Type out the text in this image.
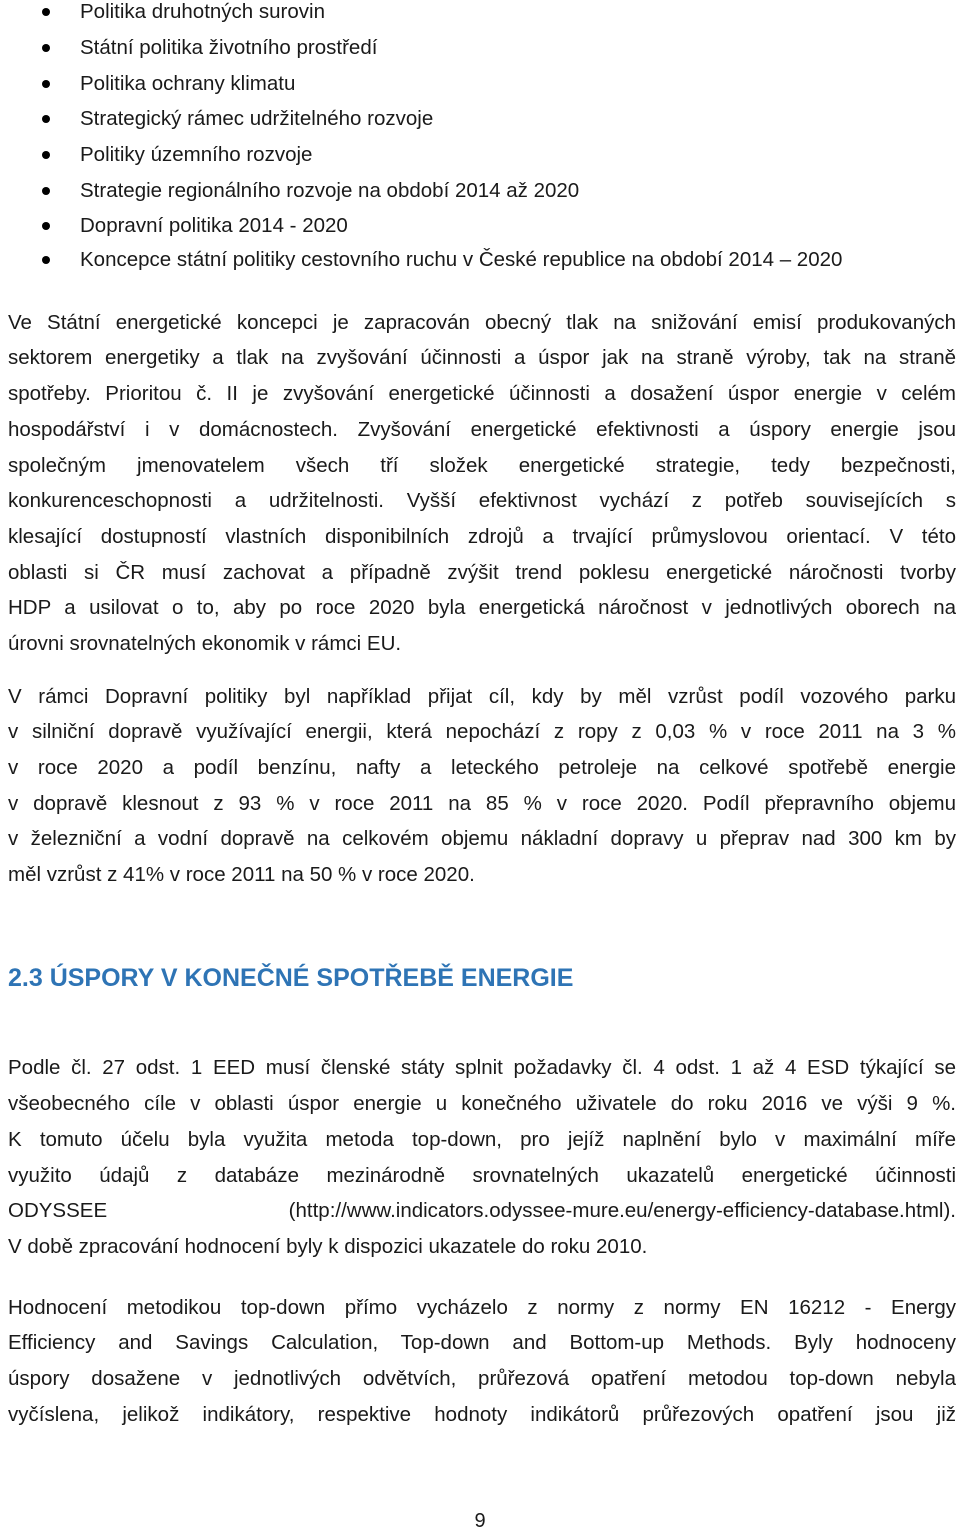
Politika druhotných surovin
Státní politika životního prostředí
Politika ochrany klimatu
Strategický rámec udržitelného rozvoje
Politiky územního rozvoje
Strategie regionálního rozvoje na období 2014 až 2020
Dopravní politika 2014 - 2020
Koncepce státní politiky cestovního ruchu v České republice na období 2014 – 2020
Ve Státní energetické koncepci je zapracován obecný tlak na snižování emisí produkovaných
sektorem energetiky a tlak na zvyšování účinnosti a úspor jak na straně výroby, tak na straně
spotřeby. Prioritou č. II je zvyšování energetické účinnosti a dosažení úspor energie v celém
hospodářství i v domácnostech. Zvyšování energetické efektivnosti a úspory energie jsou
společným jmenovatelem všech tří složek energetické strategie, tedy bezpečnosti,
konkurenceschopnosti a udržitelnosti. Vyšší efektivnost vychází z potřeb souvisejících s
klesající dostupností vlastních disponibilních zdrojů a trvající průmyslovou orientací. V této
oblasti si ČR musí zachovat a případně zvýšit trend poklesu energetické náročnosti tvorby
HDP a usilovat o to, aby po roce 2020 byla energetická náročnost v jednotlivých oborech na
úrovni srovnatelných ekonomik v rámci EU.
V rámci Dopravní politiky byl například přijat cíl, kdy by měl vzrůst podíl vozového parku
v silniční dopravě využívající energii, která nepochází z ropy z 0,03 % v roce 2011 na 3 %
v roce 2020 a podíl benzínu, nafty a leteckého petroleje na celkové spotřebě energie
v dopravě klesnout z 93 % v roce 2011 na 85 % v roce 2020. Podíl přepravního objemu
v železniční a vodní dopravě na celkovém objemu nákladní dopravy u přeprav nad 300 km by
měl vzrůst z 41% v roce 2011 na 50 % v roce 2020.
2.3 ÚSPORY V KONEČNÉ SPOTŘEBĚ ENERGIE
Podle čl. 27 odst. 1 EED musí členské státy splnit požadavky čl. 4 odst. 1 až 4 ESD týkající se
všeobecného cíle v oblasti úspor energie u konečného uživatele do roku 2016 ve výši 9 %.
K tomuto účelu byla využita metoda top-down, pro jejíž naplnění bylo v maximální míře
využito údajů z databáze mezinárodně srovnatelných ukazatelů energetické účinnosti
ODYSSEE (http://www.indicators.odyssee-mure.eu/energy-efficiency-database.html).
V době zpracování hodnocení byly k dispozici ukazatele do roku 2010.
Hodnocení metodikou top-down přímo vycházelo z normy z normy EN 16212 - Energy
Efficiency and Savings Calculation, Top-down and Bottom-up Methods. Byly hodnoceny
úspory dosažene v jednotlivých odvětvích, průřezová opatření metodou top-down nebyla
vyčíslena, jelikož indikátory, respektive hodnoty indikátorů průřezových opatření jsou již
9
